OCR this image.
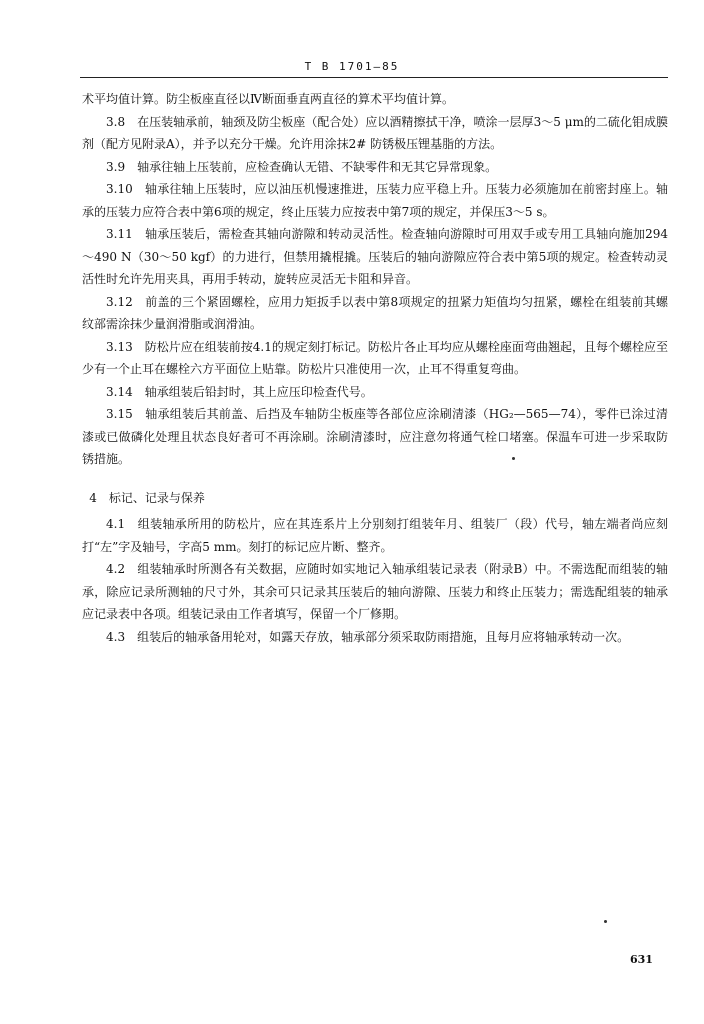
T B 1701—85

术平均值计算。防尘板座直径以Ⅳ断面垂直两直径的算术平均值计算。

3.8　在压装轴承前，轴颈及防尘板座（配合处）应以酒精擦拭干净，喷涂一层厚3～5 μm的二硫化钼成膜剂（配方见附录A），并予以充分干燥。允许用涂抹2# 防锈极压锂基脂的方法。

3.9　轴承往轴上压装前，应检查确认无错、不缺零件和无其它异常现象。

3.10　轴承往轴上压装时，应以油压机慢速推进，压装力应平稳上升。压装力必须施加在前密封座上。轴承的压装力应符合表中第6项的规定，终止压装力应按表中第7项的规定，并保压3～5 s。

3.11　轴承压装后，需检查其轴向游隙和转动灵活性。检查轴向游隙时可用双手或专用工具轴向施加294～490 N（30～50 kgf）的力进行，但禁用撬棍撬。压装后的轴向游隙应符合表中第5项的规定。检查转动灵活性时允许先用夹具，再用手转动，旋转应灵活无卡阻和异音。

3.12　前盖的三个紧固螺栓，应用力矩扳手以表中第8项规定的扭紧力矩值均匀扭紧，螺栓在组装前其螺纹部需涂抹少量润滑脂或润滑油。

3.13　防松片应在组装前按4.1的规定刻打标记。防松片各止耳均应从螺栓座面弯曲翘起，且每个螺栓应至少有一个止耳在螺栓六方平面位上贴靠。防松片只准使用一次，止耳不得重复弯曲。

3.14　轴承组装后铅封时，其上应压印检查代号。

3.15　轴承组装后其前盖、后挡及车轴防尘板座等各部位应涂刷清漆（HG₂—565—74），零件已涂过清漆或已做磷化处理且状态良好者可不再涂刷。涂刷清漆时，应注意勿将通气栓口堵塞。保温车可进一步采取防锈措施。

4　标记、记录与保养

4.1　组装轴承所用的防松片，应在其连系片上分别刻打组装年月、组装厂（段）代号，轴左端者尚应刻打“左”字及轴号，字高5 mm。刻打的标记应片断、整齐。

4.2　组装轴承时所测各有关数据，应随时如实地记入轴承组装记录表（附录B）中。不需选配而组装的轴承，除应记录所测轴的尺寸外，其余可只记录其压装后的轴向游隙、压装力和终止压装力；需选配组装的轴承应记录表中各项。组装记录由工作者填写，保留一个厂修期。

4.3　组装后的轴承备用轮对，如露天存放，轴承部分须采取防雨措施，且每月应将轴承转动一次。

631
